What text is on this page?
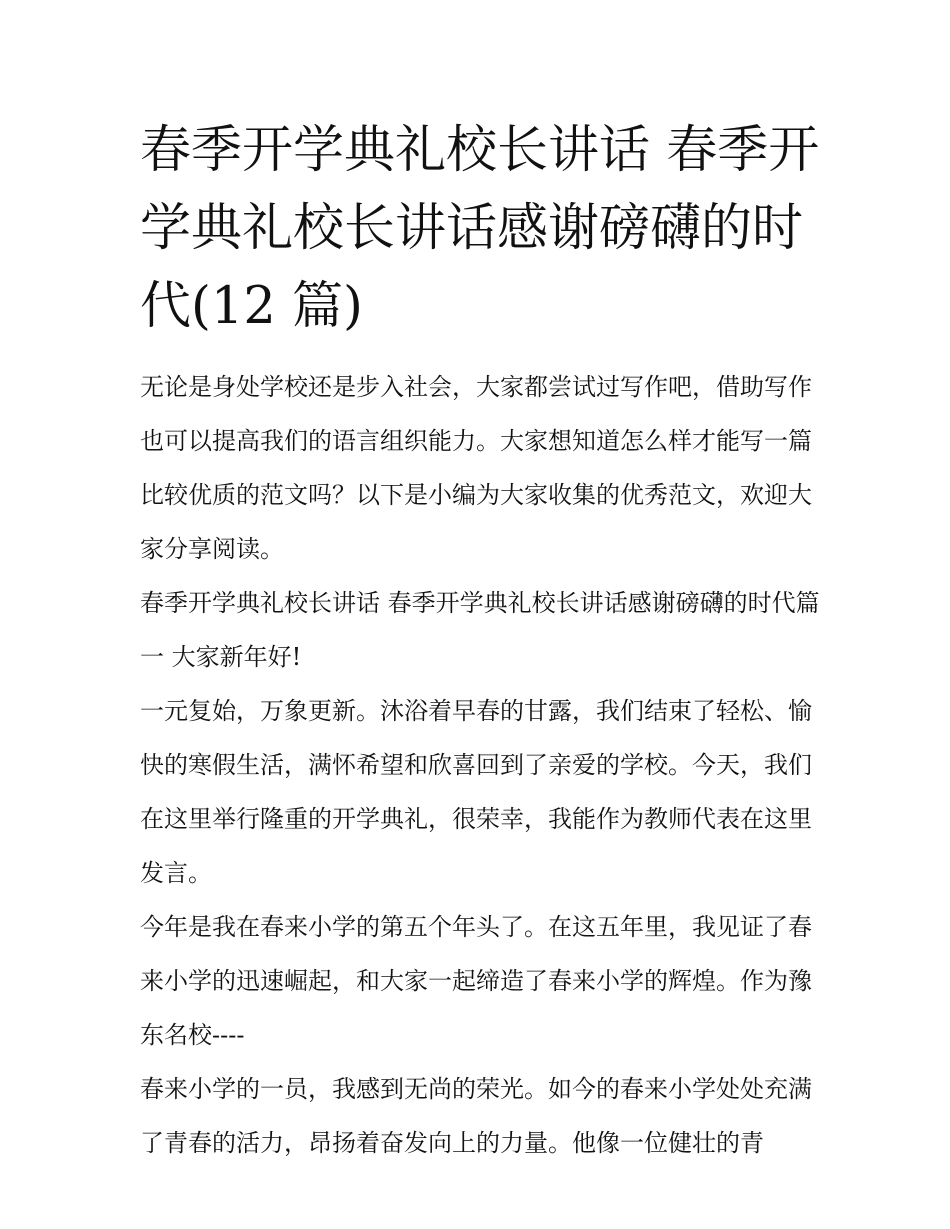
春季开学典礼校长讲话 春季开学典礼校长讲话感谢磅礴的时代(12 篇)

无论是身处学校还是步入社会，大家都尝试过写作吧，借助写作也可以提高我们的语言组织能力。大家想知道怎么样才能写一篇比较优质的范文吗？以下是小编为大家收集的优秀范文，欢迎大家分享阅读。

春季开学典礼校长讲话 春季开学典礼校长讲话感谢磅礴的时代篇一 大家新年好!

一元复始，万象更新。沐浴着早春的甘露，我们结束了轻松、愉快的寒假生活，满怀希望和欣喜回到了亲爱的学校。今天，我们在这里举行隆重的开学典礼，很荣幸，我能作为教师代表在这里发言。

今年是我在春来小学的第五个年头了。在这五年里，我见证了春来小学的迅速崛起，和大家一起缔造了春来小学的辉煌。作为豫东名校----

春来小学的一员，我感到无尚的荣光。如今的春来小学处处充满了青春的活力，昂扬着奋发向上的力量。他像一位健壮的青
